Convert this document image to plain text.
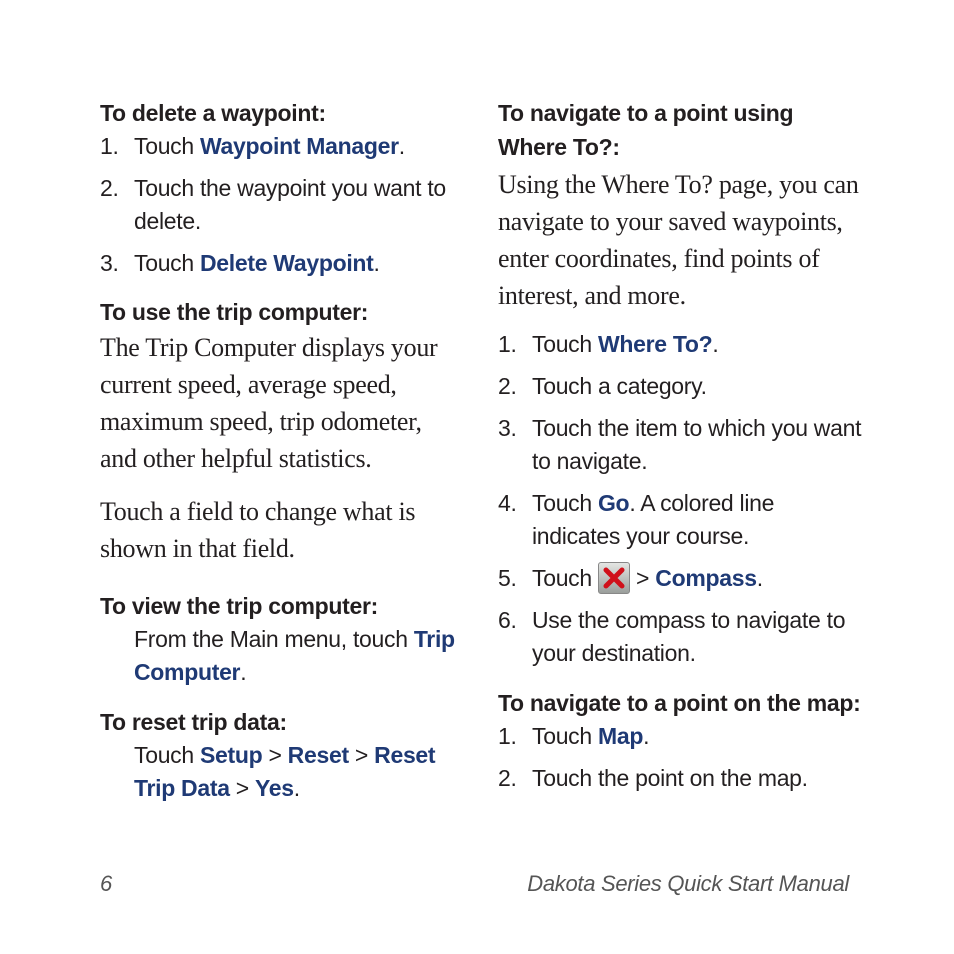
To delete a waypoint:
1. Touch Waypoint Manager.
2. Touch the waypoint you want to delete.
3. Touch Delete Waypoint.
To use the trip computer:

The Trip Computer displays your current speed, average speed, maximum speed, trip odometer, and other helpful statistics.

Touch a field to change what is shown in that field.

To view the trip computer:
From the Main menu, touch Trip Computer.
To reset trip data:
Touch Setup > Reset > Reset Trip Data > Yes.
To navigate to a point using Where To?:

Using the Where To? page, you can navigate to your saved waypoints, enter coordinates, find points of interest, and more.

1. Touch Where To?.
2. Touch a category.
3. Touch the item to which you want to navigate.
4. Touch Go. A colored line indicates your course.
5. Touch
> Compass.
6. Use the compass to navigate to your destination.
To navigate to a point on the map:
1. Touch Map.
2. Touch the point on the map.
6	Dakota Series Quick Start Manual
